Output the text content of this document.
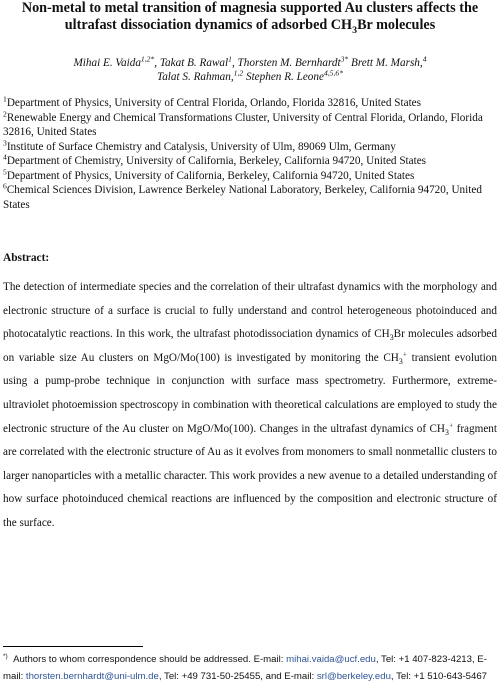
Non-metal to metal transition of magnesia supported Au clusters affects the
ultrafast dissociation dynamics of adsorbed $CH_3Br$ molecules
Mihai E. Vaida$^{1,2*}$, Takat B. Rawal$^1$, Thorsten M. Bernhardt$^{3*}$ Brett M. Marsh,$^4$
Talat S. Rahman,$^{1,2}$ Stephen R. Leone$^{4,5,6*}$

$^1$Department of Physics, University of Central Florida, Orlando, Florida 32816, United States

$^2$Renewable Energy and Chemical Transformations Cluster, University of Central Florida, Orlando, Florida 32816, United States

$^3$Institute of Surface Chemistry and Catalysis, University of Ulm, 89069 Ulm, Germany

$^4$Department of Chemistry, University of California, Berkeley, California 94720, United States

$^5$Department of Physics, University of California, Berkeley, California 94720, United States

$^6$Chemical Sciences Division, Lawrence Berkeley National Laboratory, Berkeley, California 94720, United States

Abstract:
The detection of intermediate species and the correlation of their ultrafast dynamics with the morphology and electronic structure of a surface is crucial to fully understand and control heterogeneous photoinduced and photocatalytic reactions. In this work, the ultrafast photodissociation dynamics of $CH_3Br$ molecules adsorbed on variable size Au clusters on MgO/Mo(100) is investigated by monitoring the $CH_3^+$ transient evolution using a pump-probe technique in conjunction with surface mass spectrometry. Furthermore, extreme-ultraviolet photoemission spectroscopy in combination with theoretical calculations are employed to study the electronic structure of the Au cluster on MgO/Mo(100). Changes in the ultrafast dynamics of $CH_3^+$ fragment are correlated with the electronic structure of Au as it evolves from monomers to small nonmetallic clusters to larger nanoparticles with a metallic character. This work provides a new avenue to a detailed understanding of how surface photoinduced chemical reactions are influenced by the composition and electronic structure of the surface.
*) Authors to whom correspondence should be addressed. E-mail: mihai.vaida@ucf.edu, Tel: +1 407-823-4213, E-mail: thorsten.bernhardt@uni-ulm.de, Tel: +49 731-50-25455, and E-mail: srl@berkeley.edu, Tel: +1 510-643-5467
